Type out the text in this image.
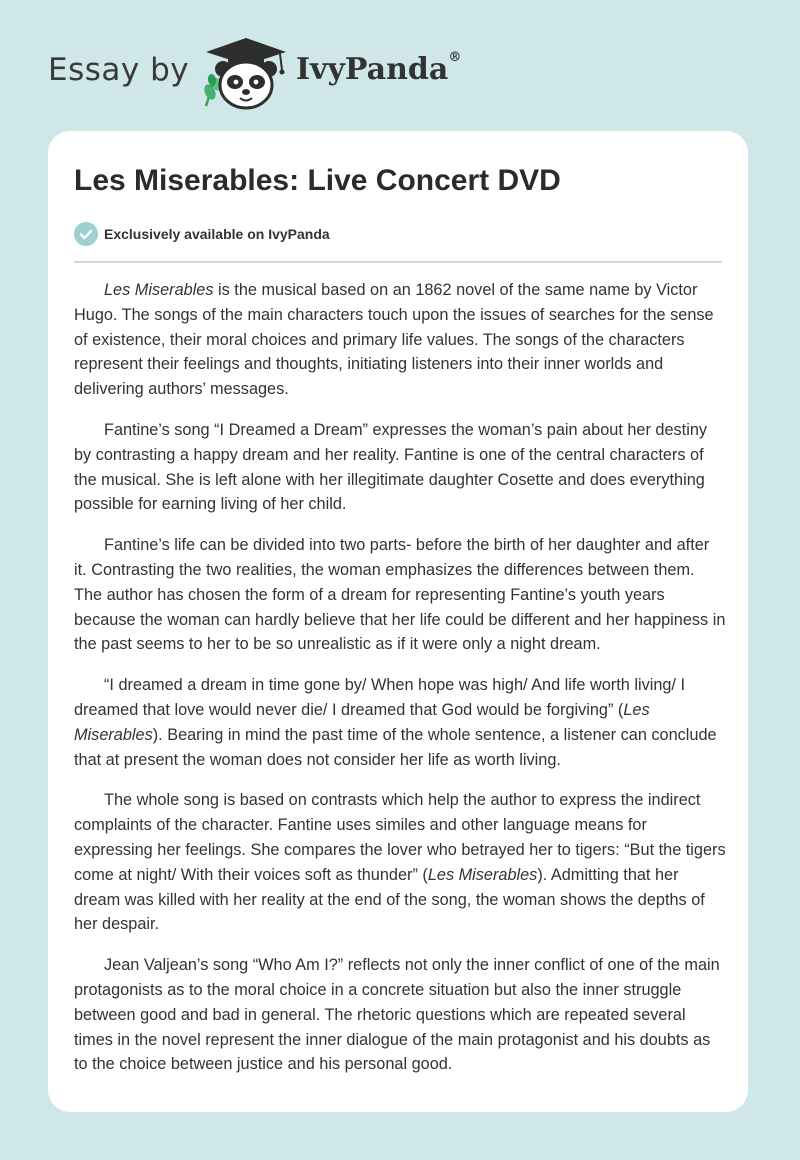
Essay by	IvyPanda®
Les Miserables: Live Concert DVD
Exclusively available on IvyPanda

Les Miserables is the musical based on an 1862 novel of the same name by Victor Hugo. The songs of the main characters touch upon the issues of searches for the sense of existence, their moral choices and primary life values. The songs of the characters represent their feelings and thoughts, initiating listeners into their inner worlds and delivering authors’ messages.

Fantine’s song “I Dreamed a Dream” expresses the woman’s pain about her destiny by contrasting a happy dream and her reality. Fantine is one of the central characters of the musical. She is left alone with her illegitimate daughter Cosette and does everything possible for earning living of her child.

Fantine’s life can be divided into two parts- before the birth of her daughter and after it. Contrasting the two realities, the woman emphasizes the differences between them. The author has chosen the form of a dream for representing Fantine’s youth years because the woman can hardly believe that her life could be different and her happiness in the past seems to her to be so unrealistic as if it were only a night dream.

“I dreamed a dream in time gone by/ When hope was high/ And life worth living/ I dreamed that love would never die/ I dreamed that God would be forgiving” (Les Miserables). Bearing in mind the past time of the whole sentence, a listener can conclude that at present the woman does not consider her life as worth living.

The whole song is based on contrasts which help the author to express the indirect complaints of the character. Fantine uses similes and other language means for expressing her feelings. She compares the lover who betrayed her to tigers: “But the tigers come at night/ With their voices soft as thunder” (Les Miserables). Admitting that her dream was killed with her reality at the end of the song, the woman shows the depths of her despair.

Jean Valjean’s song “Who Am I?” reflects not only the inner conflict of one of the main protagonists as to the moral choice in a concrete situation but also the inner struggle between good and bad in general. The rhetoric questions which are repeated several times in the novel represent the inner dialogue of the main protagonist and his doubts as to the choice between justice and his personal good.
